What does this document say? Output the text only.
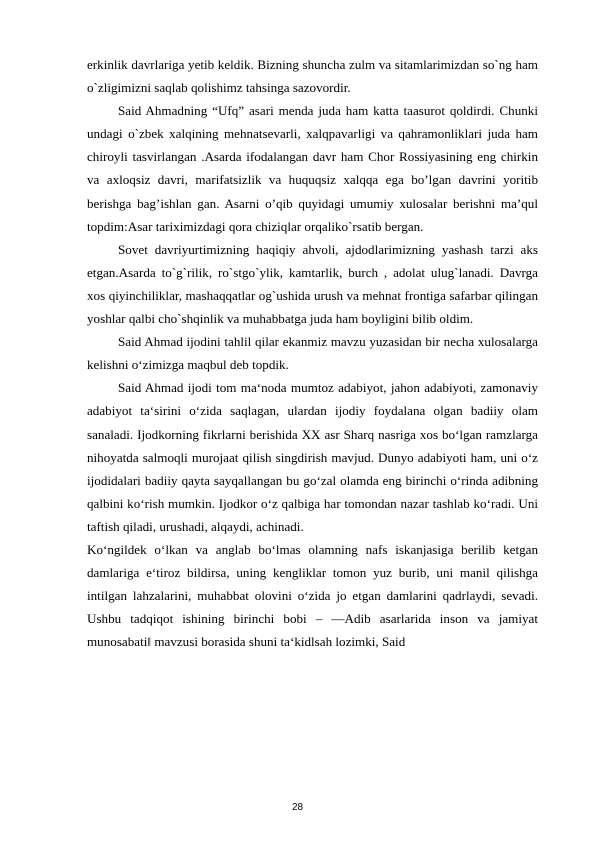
erkinlik davrlariga yetib keldik. Bizning shuncha zulm va sitamlarimizdan so`ng ham o`zligimizni saqlab qolishimz tahsinga sazovordir.

Said Ahmadning “Ufq” asari menda juda ham katta taasurot qoldirdi. Chunki undagi o`zbek xalqining mehnatsevarli, xalqpavarligi va qahramonliklari juda ham chiroyli tasvirlangan .Asarda ifodalangan davr ham Chor Rossiyasining eng chirkin va axloqsiz davri, marifatsizlik va huquqsiz xalqqa ega bo’lgan davrini yoritib berishga bag’ishlan gan. Asarni o’qib quyidagi umumiy xulosalar berishni ma’qul topdim:Asar tariximizdagi qora chiziqlar orqaliko`rsatib bergan.

Sovet davriyurtimizning haqiqiy ahvoli, ajdodlarimizning yashash tarzi aks etgan.Asarda to`g`rilik, ro`stgo`ylik, kamtarlik, burch , adolat ulug`lanadi. Davrga xos qiyinchiliklar, mashaqqatlar og`ushida urush va mehnat frontiga safarbar qilingan yoshlar qalbi cho`shqinlik va muhabbatga juda ham boyligini bilib oldim.

Said Ahmad ijodini tahlil qilar ekanmiz mavzu yuzasidan bir necha xulosalarga kelishni o‘zimizga maqbul deb topdik.

Said Ahmad ijodi tom ma‘noda mumtoz adabiyot, jahon adabiyoti, zamonaviy adabiyot ta‘sirini o‘zida saqlagan, ulardan ijodiy foydalana olgan badiiy olam sanaladi. Ijodkorning fikrlarni berishida XX asr Sharq nasriga xos bo‘lgan ramzlarga nihoyatda salmoqli murojaat qilish singdirish mavjud. Dunyo adabiyoti ham, uni o‘z ijodidalari badiiy qayta sayqallangan bu go‘zal olamda eng birinchi o‘rinda adibning qalbini ko‘rish mumkin. Ijodkor o‘z qalbiga har tomondan nazar tashlab ko‘radi. Uni taftish qiladi, urushadi, alqaydi, achinadi.

Ko‘ngildek o‘lkan va anglab bo‘lmas olamning nafs iskanjasiga berilib ketgan damlariga e‘tiroz bildirsa, uning kengliklar tomon yuz burib, uni manil qilishga intilgan lahzalarini, muhabbat olovini o‘zida jo etgan damlarini qadrlaydi, sevadi. Ushbu tadqiqot ishining birinchi bobi – ―Adib asarlarida inson va jamiyat munosabati‖ mavzusi borasida shuni ta‘kidlsah lozimki, Said

28
